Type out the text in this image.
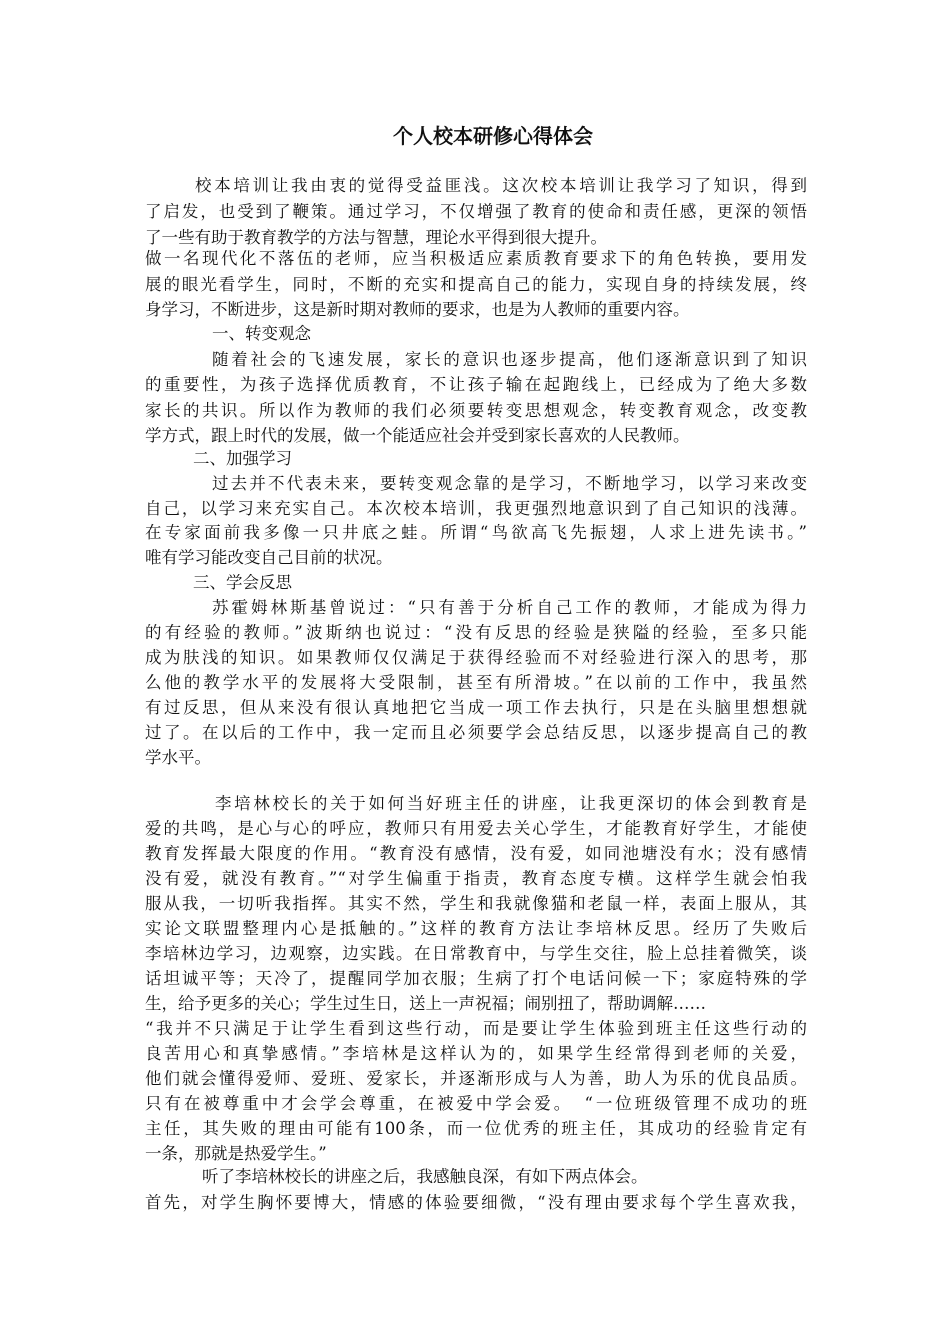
个人校本研修心得体会
校本培训让我由衷的觉得受益匪浅。这次校本培训让我学习了知识，得到
了启发，也受到了鞭策。通过学习，不仅增强了教育的使命和责任感，更深的领悟
了一些有助于教育教学的方法与智慧，理论水平得到很大提升。
做一名现代化不落伍的老师，应当积极适应素质教育要求下的角色转换，要用发
展的眼光看学生，同时，不断的充实和提高自己的能力，实现自身的持续发展，终
身学习，不断进步，这是新时期对教师的要求，也是为人教师的重要内容。
一、转变观念
随着社会的飞速发展，家长的意识也逐步提高，他们逐渐意识到了知识
的重要性，为孩子选择优质教育，不让孩子输在起跑线上，已经成为了绝大多数
家长的共识。所以作为教师的我们必须要转变思想观念，转变教育观念，改变教
学方式，跟上时代的发展，做一个能适应社会并受到家长喜欢的人民教师。
二、加强学习
过去并不代表未来，要转变观念靠的是学习，不断地学习，以学习来改变
自己，以学习来充实自己。本次校本培训，我更强烈地意识到了自己知识的浅薄。
在专家面前我多像一只井底之蛙。所谓“鸟欲高飞先振翅，人求上进先读书。”
唯有学习能改变自己目前的状况。
三、学会反思
苏霍姆林斯基曾说过：“只有善于分析自己工作的教师，才能成为得力
的有经验的教师。”波斯纳也说过：“没有反思的经验是狭隘的经验，至多只能
成为肤浅的知识。如果教师仅仅满足于获得经验而不对经验进行深入的思考，那
么他的教学水平的发展将大受限制，甚至有所滑坡。”在以前的工作中，我虽然
有过反思，但从来没有很认真地把它当成一项工作去执行，只是在头脑里想想就
过了。在以后的工作中，我一定而且必须要学会总结反思，以逐步提高自己的教
学水平。
李培林校长的关于如何当好班主任的讲座，让我更深切的体会到教育是
爱的共鸣，是心与心的呼应，教师只有用爱去关心学生，才能教育好学生，才能使
教育发挥最大限度的作用。“教育没有感情，没有爱，如同池塘没有水；没有感情
没有爱，就没有教育。”“对学生偏重于指责，教育态度专横。这样学生就会怕我
服从我，一切听我指挥。其实不然，学生和我就像猫和老鼠一样，表面上服从，其
实论文联盟整理内心是抵触的。”这样的教育方法让李培林反思。经历了失败后
李培林边学习，边观察，边实践。在日常教育中，与学生交往，脸上总挂着微笑，谈
话坦诚平等；天冷了，提醒同学加衣服；生病了打个电话问候一下；家庭特殊的学
生，给予更多的关心；学生过生日，送上一声祝福；闹别扭了，帮助调解……
“我并不只满足于让学生看到这些行动，而是要让学生体验到班主任这些行动的
良苦用心和真挚感情。”李培林是这样认为的，如果学生经常得到老师的关爱，
他们就会懂得爱师、爱班、爱家长，并逐渐形成与人为善，助人为乐的优良品质。
只有在被尊重中才会学会尊重，在被爱中学会爱。　“一位班级管理不成功的班
主任，其失败的理由可能有100条，而一位优秀的班主任，其成功的经验肯定有
一条，那就是热爱学生。”
听了李培林校长的讲座之后，我感触良深，有如下两点体会。
首先，对学生胸怀要博大，情感的体验要细微，“没有理由要求每个学生喜欢我，
